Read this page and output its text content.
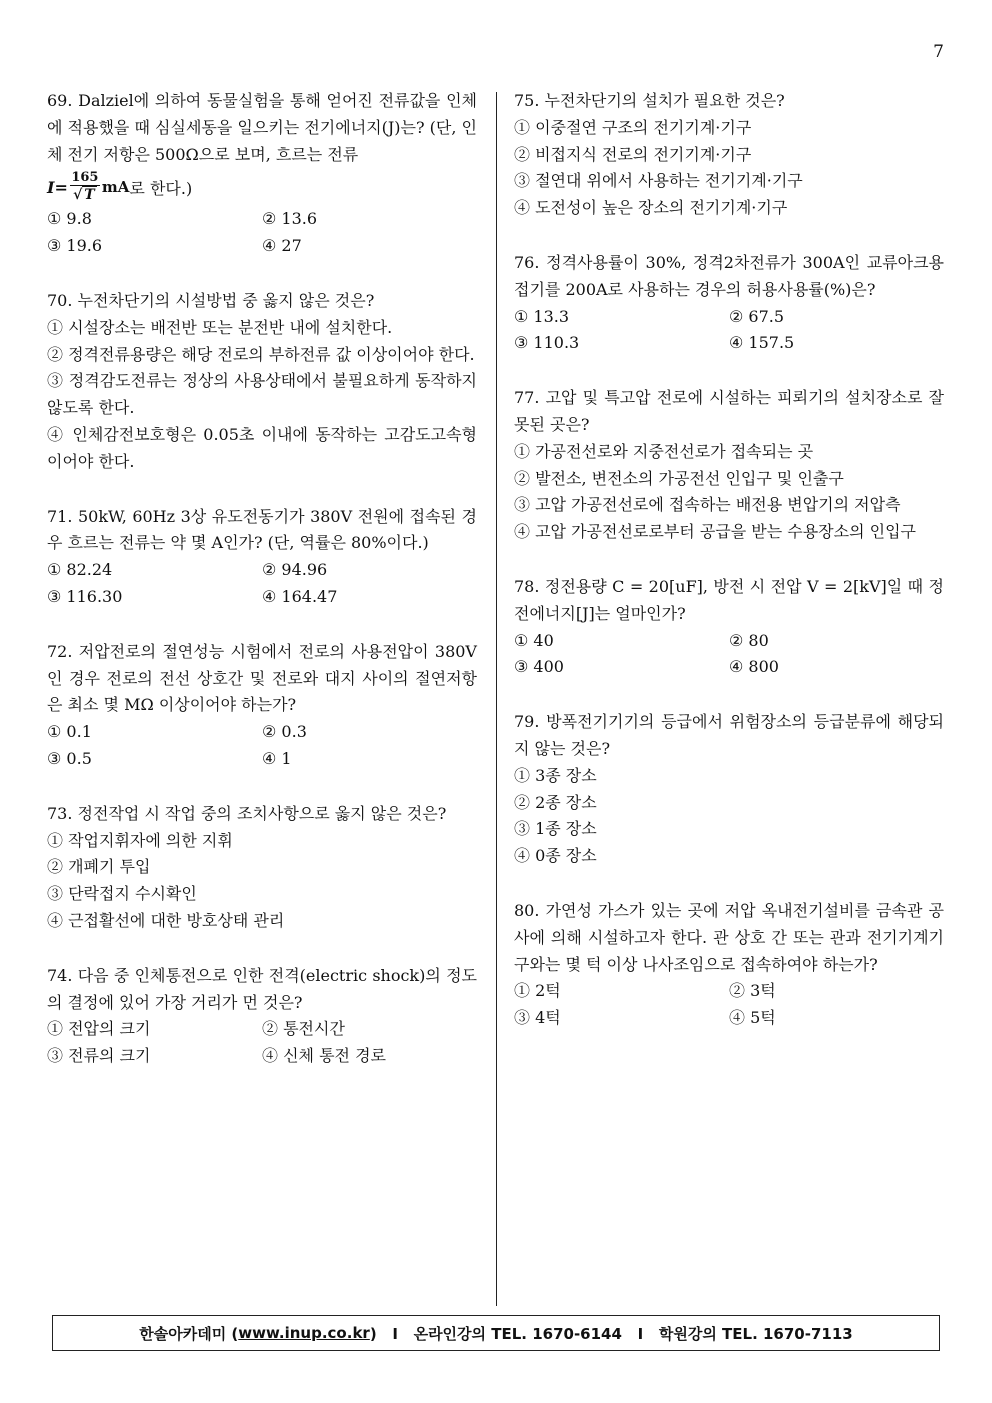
7
69. Dalziel에 의하여 동물실험을 통해 얻어진 전류값을 인체에 적용했을 때 심실세동을 일으키는 전기에너지(J)는? (단, 인체 전기 저항은 500Ω으로 보며, 흐르는 전류
$I= \frac{165}{√ T}$ mA 로 한다.)
① 9.8	② 13.6
③ 19.6	④ 27
70. 누전차단기의 시설방법 중 옳지 않은 것은?
① 시설장소는 배전반 또는 분전반 내에 설치한다.
② 정격전류용량은 해당 전로의 부하전류 값 이상이어야 한다.
③ 정격감도전류는 정상의 사용상태에서 불필요하게 동작하지 않도록 한다.
④ 인체감전보호형은 0.05초 이내에 동작하는 고감도고속형이어야 한다.
71. 50kW, 60Hz 3상 유도전동기가 380V 전원에 접속된 경우 흐르는 전류는 약 몇 A인가? (단, 역률은 80%이다.)
① 82.24	② 94.96
③ 116.30	④ 164.47
72. 저압전로의 절연성능 시험에서 전로의 사용전압이 380V인 경우 전로의 전선 상호간 및 전로와 대지 사이의 절연저항은 최소 몇 MΩ 이상이어야 하는가?
① 0.1	② 0.3
③ 0.5	④ 1
73. 정전작업 시 작업 중의 조치사항으로 옳지 않은 것은?
① 작업지휘자에 의한 지휘
② 개폐기 투입
③ 단락접지 수시확인
④ 근접활선에 대한 방호상태 관리
74. 다음 중 인체통전으로 인한 전격(electric shock)의 정도의 결정에 있어 가장 거리가 먼 것은?
① 전압의 크기	② 통전시간
③ 전류의 크기	④ 신체 통전 경로
75. 누전차단기의 설치가 필요한 것은?
① 이중절연 구조의 전기기계·기구
② 비접지식 전로의 전기기계·기구
③ 절연대 위에서 사용하는 전기기계·기구
④ 도전성이 높은 장소의 전기기계·기구
76. 정격사용률이 30%, 정격2차전류가 300A인 교류아크용접기를 200A로 사용하는 경우의 허용사용률(%)은?
① 13.3	② 67.5
③ 110.3	④ 157.5
77. 고압 및 특고압 전로에 시설하는 피뢰기의 설치장소로 잘못된 곳은?
① 가공전선로와 지중전선로가 접속되는 곳
② 발전소, 변전소의 가공전선 인입구 및 인출구
③ 고압 가공전선로에 접속하는 배전용 변압기의 저압측
④ 고압 가공전선로로부터 공급을 받는 수용장소의 인입구
78. 정전용량 C = 20[uF], 방전 시 전압 V = 2[kV]일 때 정전에너지[J]는 얼마인가?
① 40	② 80
③ 400	④ 800
79. 방폭전기기기의 등급에서 위험장소의 등급분류에 해당되지 않는 것은?
① 3종 장소
② 2종 장소
③ 1종 장소
④ 0종 장소
80. 가연성 가스가 있는 곳에 저압 옥내전기설비를 금속관 공사에 의해 시설하고자 한다. 관 상호 간 또는 관과 전기기계기구와는 몇 턱 이상 나사조임으로 접속하여야 하는가?
① 2턱	② 3턱
③ 4턱	④ 5턱
한솔아카데미 ( www.inup.co.kr )   I   온라인강의 TEL. 1670-6144   I   학원강의 TEL. 1670-7113
